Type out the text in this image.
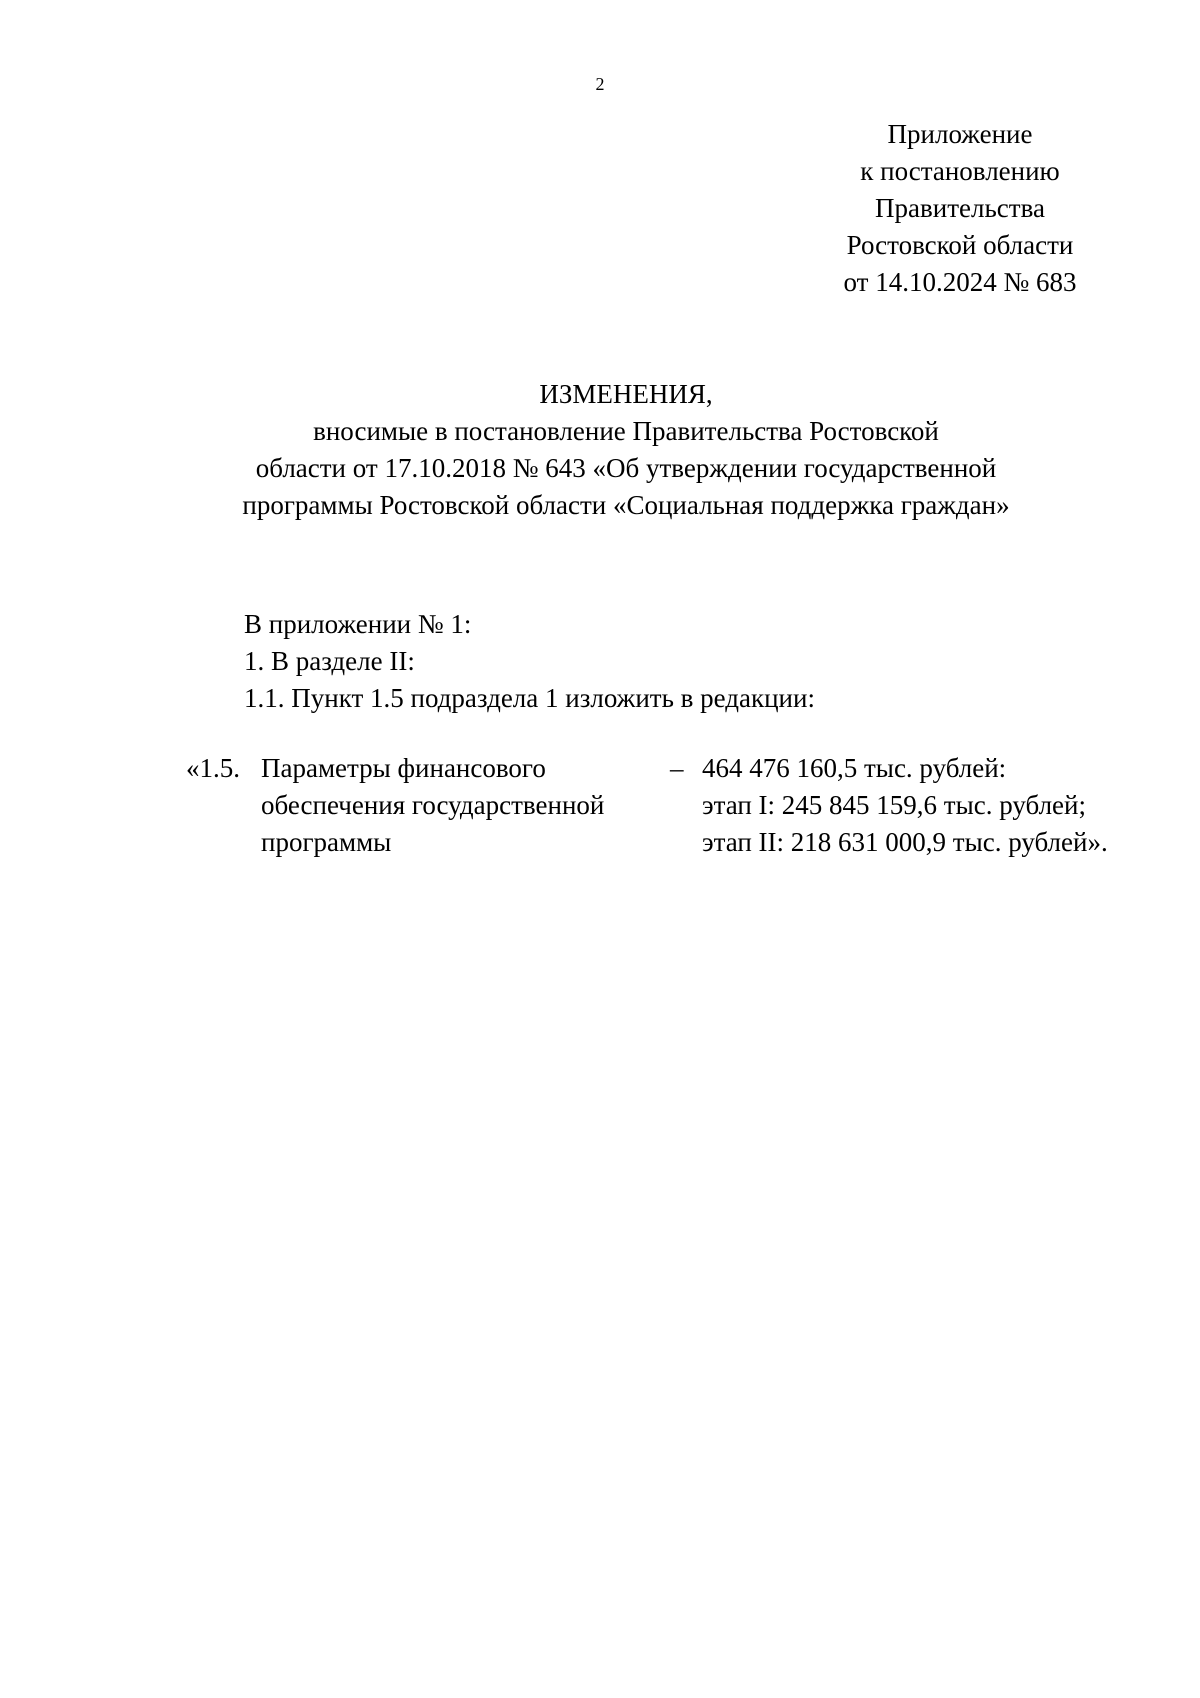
2
Приложение
к постановлению
Правительства
Ростовской области
от 14.10.2024 № 683
ИЗМЕНЕНИЯ,
вносимые в постановление Правительства Ростовской
области от 17.10.2018 № 643 «Об утверждении государственной
программы Ростовской области «Социальная поддержка граждан»
В приложении № 1:
1. В разделе II:
1.1. Пункт 1.5 подраздела 1 изложить в редакции:
«1.5. Параметры финансового
обеспечения государственной
программы
– 464 476 160,5 тыс. рублей:
этап I: 245 845 159,6 тыс. рублей;
этап II: 218 631 000,9 тыс. рублей».
